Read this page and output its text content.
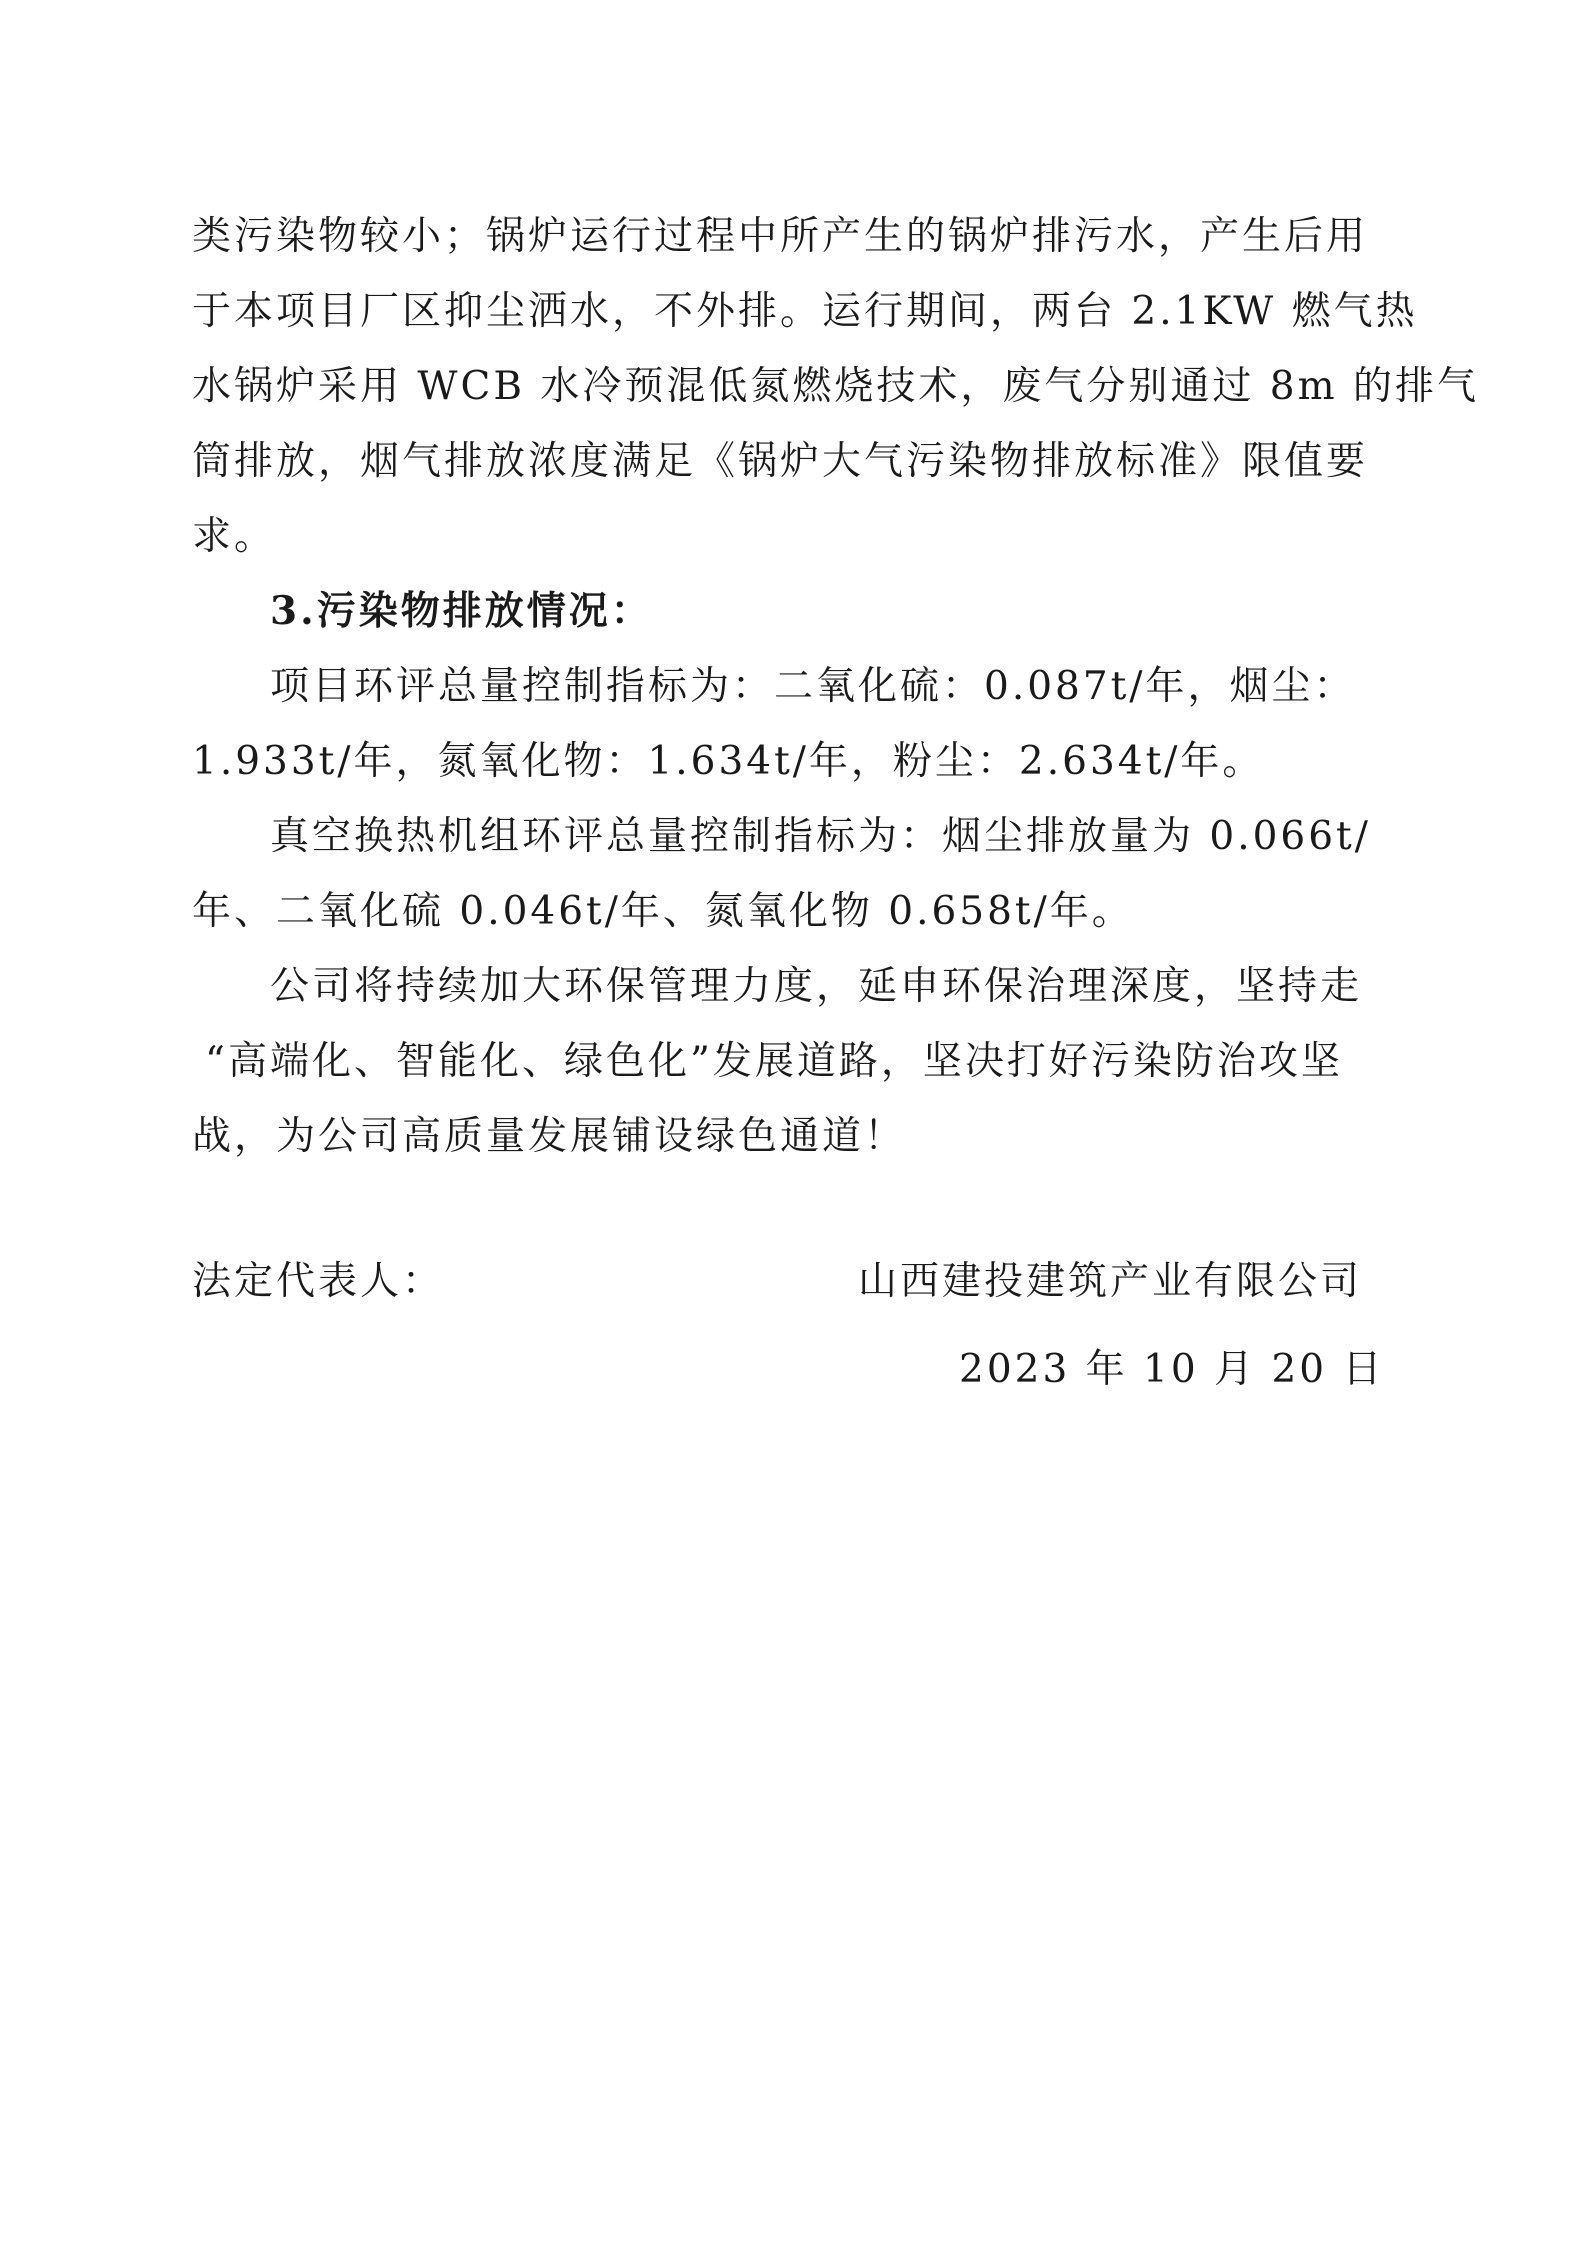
类污染物较小；锅炉运行过程中所产生的锅炉排污水，产生后用
于本项目厂区抑尘洒水，不外排。运行期间，两台 2.1KW 燃气热
水锅炉采用 WCB 水冷预混低氮燃烧技术，废气分别通过 8m 的排气
筒排放，烟气排放浓度满足《锅炉大气污染物排放标准》限值要
求。
3.污染物排放情况：
项目环评总量控制指标为：二氧化硫：0.087t/年，烟尘：
1.933t/年，氮氧化物：1.634t/年，粉尘：2.634t/年。
真空换热机组环评总量控制指标为：烟尘排放量为 0.066t/
年、二氧化硫 0.046t/年、氮氧化物 0.658t/年。
公司将持续加大环保管理力度，延申环保治理深度，坚持走
“高端化、智能化、绿色化”发展道路，坚决打好污染防治攻坚
战，为公司高质量发展铺设绿色通道！
法定代表人：	山西建投建筑产业有限公司
2023 年 10 月 20 日
